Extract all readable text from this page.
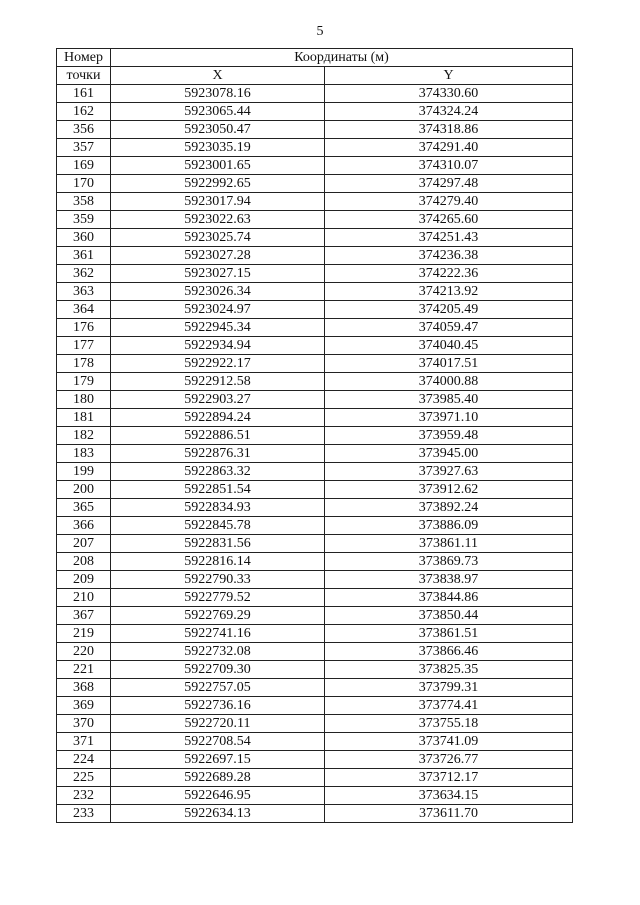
5
Номер	Координаты (м)	
точки	X	Y
161	5923078.16	374330.60
162	5923065.44	374324.24
356	5923050.47	374318.86
357	5923035.19	374291.40
169	5923001.65	374310.07
170	5922992.65	374297.48
358	5923017.94	374279.40
359	5923022.63	374265.60
360	5923025.74	374251.43
361	5923027.28	374236.38
362	5923027.15	374222.36
363	5923026.34	374213.92
364	5923024.97	374205.49
176	5922945.34	374059.47
177	5922934.94	374040.45
178	5922922.17	374017.51
179	5922912.58	374000.88
180	5922903.27	373985.40
181	5922894.24	373971.10
182	5922886.51	373959.48
183	5922876.31	373945.00
199	5922863.32	373927.63
200	5922851.54	373912.62
365	5922834.93	373892.24
366	5922845.78	373886.09
207	5922831.56	373861.11
208	5922816.14	373869.73
209	5922790.33	373838.97
210	5922779.52	373844.86
367	5922769.29	373850.44
219	5922741.16	373861.51
220	5922732.08	373866.46
221	5922709.30	373825.35
368	5922757.05	373799.31
369	5922736.16	373774.41
370	5922720.11	373755.18
371	5922708.54	373741.09
224	5922697.15	373726.77
225	5922689.28	373712.17
232	5922646.95	373634.15
233	5922634.13	373611.70
